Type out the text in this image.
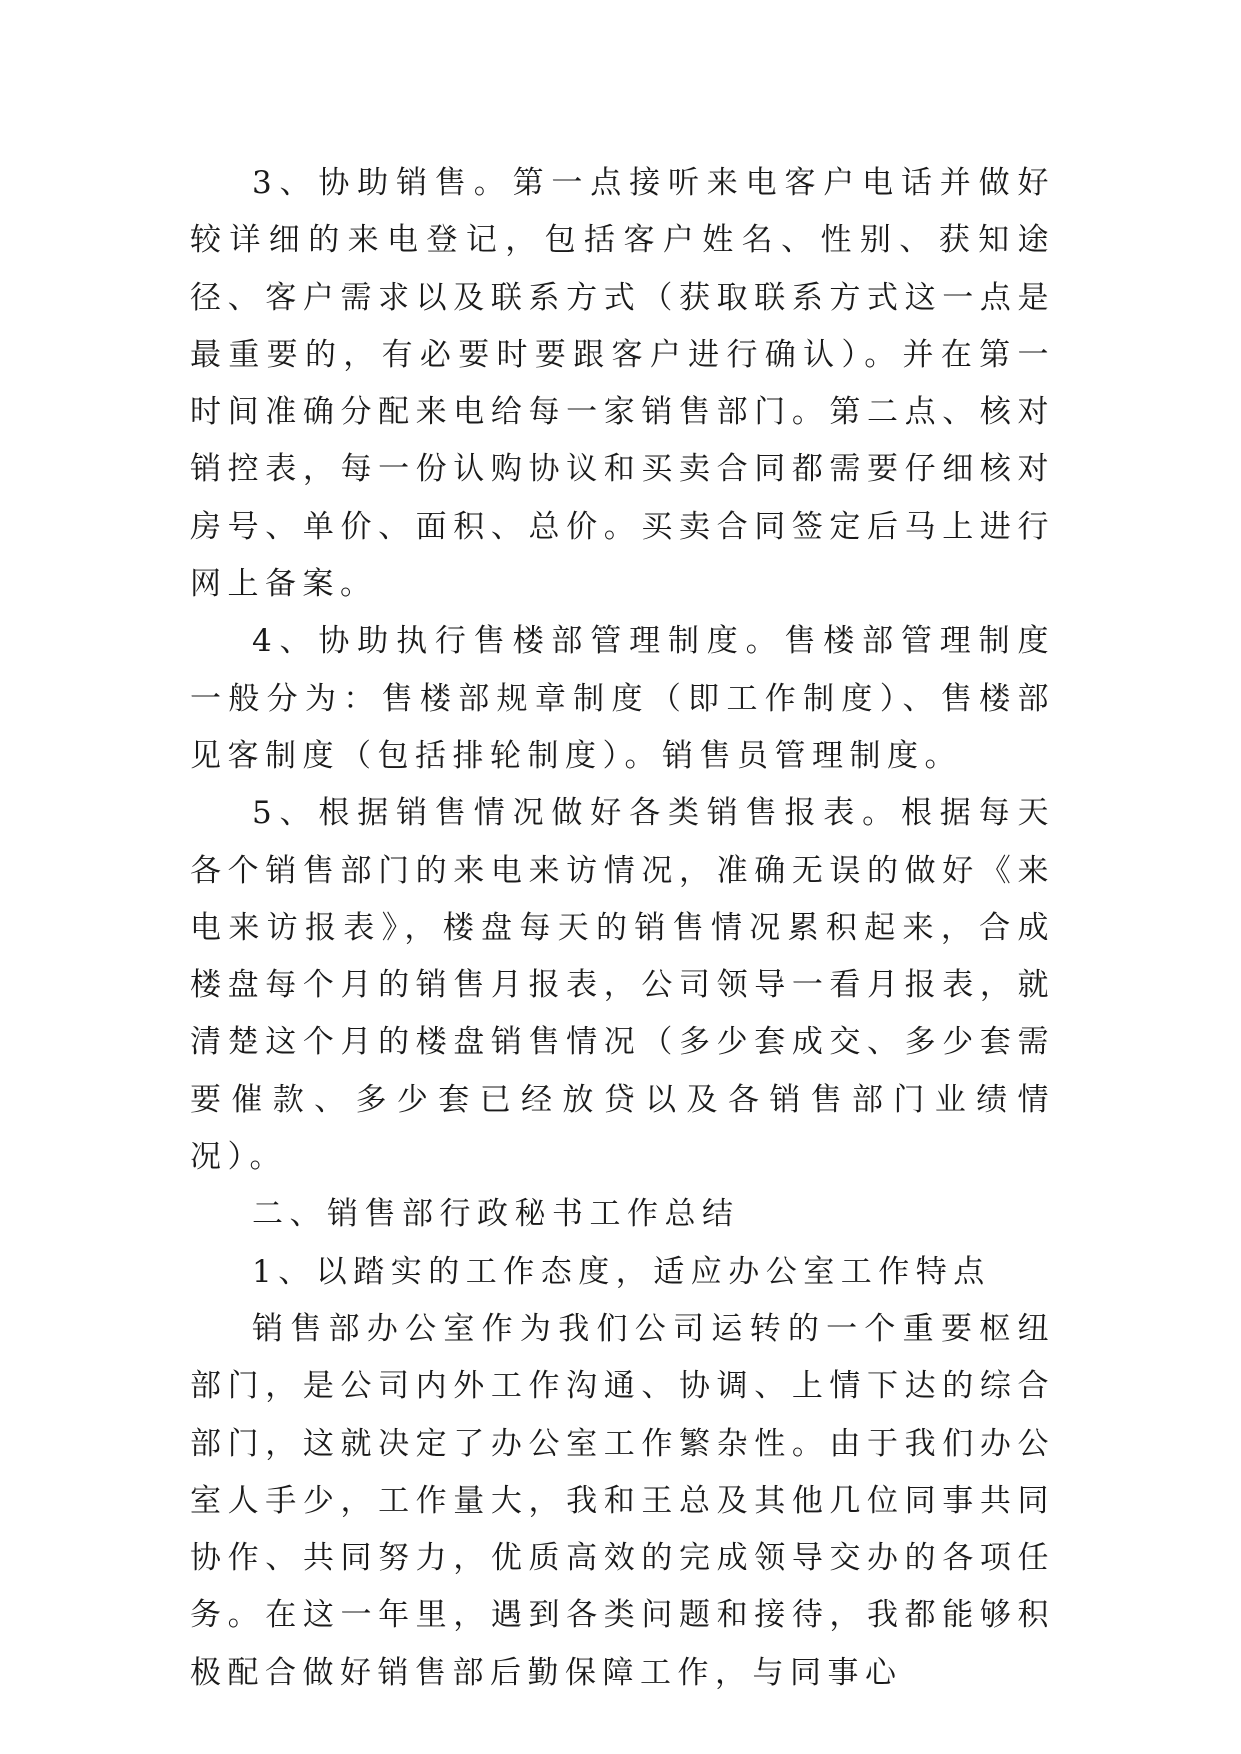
3、协助销售。第一点接听来电客户电话并做好较详细的来电登记，包括客户姓名、性别、获知途径、客户需求以及联系方式（获取联系方式这一点是最重要的，有必要时要跟客户进行确认）。并在第一时间准确分配来电给每一家销售部门。第二点、核对销控表，每一份认购协议和买卖合同都需要仔细核对房号、单价、面积、总价。买卖合同签定后马上进行网上备案。

4、协助执行售楼部管理制度。售楼部管理制度一般分为：售楼部规章制度（即工作制度）、售楼部见客制度（包括排轮制度）。销售员管理制度。

5、根据销售情况做好各类销售报表。根据每天各个销售部门的来电来访情况，准确无误的做好《来电来访报表》，楼盘每天的销售情况累积起来，合成楼盘每个月的销售月报表，公司领导一看月报表，就清楚这个月的楼盘销售情况（多少套成交、多少套需要催款、多少套已经放贷以及各销售部门业绩情况）。

二、销售部行政秘书工作总结

1、以踏实的工作态度，适应办公室工作特点

销售部办公室作为我们公司运转的一个重要枢纽部门，是公司内外工作沟通、协调、上情下达的综合部门，这就决定了办公室工作繁杂性。由于我们办公室人手少，工作量大，我和王总及其他几位同事共同协作、共同努力，优质高效的完成领导交办的各项任务。在这一年里，遇到各类问题和接待，我都能够积极配合做好销售部后勤保障工作，与同事心
